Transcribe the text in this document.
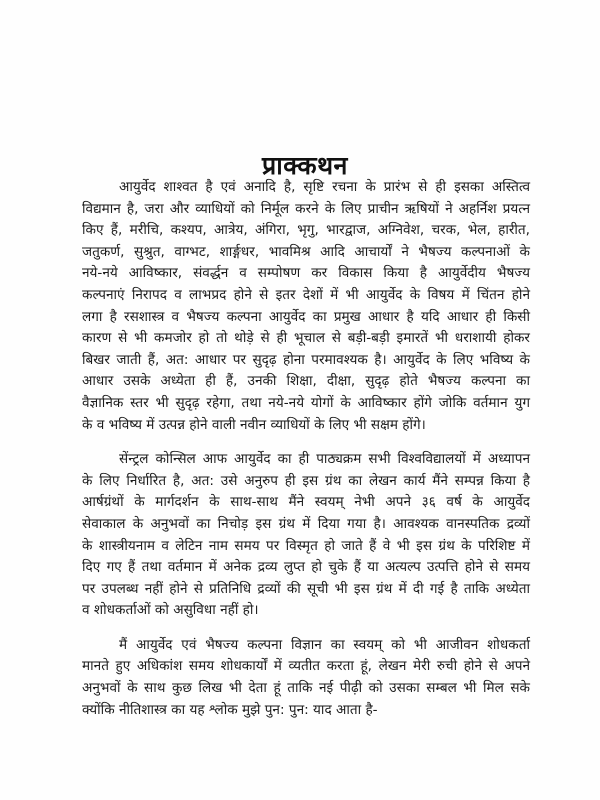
प्राक्कथन

आयुर्वेद शाश्वत है एवं अनादि है, सृष्टि रचना के प्रारंभ से ही इसका अस्तित्व
विद्यमान है, जरा और व्याधियों को निर्मूल करने के लिए प्राचीन ऋषियों ने अहर्निश प्रयत्न
किए हैं, मरीचि, कश्यप, आत्रेय, अंगिरा, भृगु, भारद्वाज, अग्निवेश, चरक, भेल, हारीत,
जतुकर्ण, सुश्रुत, वाग्भट, शार्ङ्गधर, भावमिश्र आदि आचार्यों ने भैषज्य कल्पनाओं के
नये-नये आविष्कार, संवर्द्धन व सम्पोषण कर विकास किया है आयुर्वेदीय भैषज्य
कल्पनाएं निरापद व लाभप्रद होने से इतर देशों में भी आयुर्वेद के विषय में चिंतन होने
लगा है रसशास्त्र व भैषज्य कल्पना आयुर्वेद का प्रमुख आधार है यदि आधार ही किसी
कारण से भी कमजोर हो तो थोड़े से ही भूचाल से बड़ी-बड़ी इमारतें भी धराशायी होकर
बिखर जाती हैं, अत: आधार पर सुदृढ़ होना परमावश्यक है। आयुर्वेद के लिए भविष्य के
आधार उसके अध्येता ही हैं, उनकी शिक्षा, दीक्षा, सुदृढ़ होते भैषज्य कल्पना का
वैज्ञानिक स्तर भी सुदृढ़ रहेगा, तथा नये-नये योगों के आविष्कार होंगे जोकि वर्तमान युग
के व भविष्य में उत्पन्न होने वाली नवीन व्याधियों के लिए भी सक्षम होंगे।

सेंन्ट्रल कोन्सिल आफ आयुर्वेद का ही पाठ्यक्रम सभी विश्वविद्यालयों में अध्यापन
के लिए निर्धारित है, अत: उसे अनुरुप ही इस ग्रंथ का लेखन कार्य मैंने सम्पन्न किया है
आर्षग्रंथों के मार्गदर्शन के साथ-साथ मैंने स्वयम् नेभी अपने ३६ वर्ष के आयुर्वेद
सेवाकाल के अनुभवों का निचोड़ इस ग्रंथ में दिया गया है। आवश्यक वानस्पतिक द्रव्यों
के शास्त्रीयनाम व लेटिन नाम समय पर विस्मृत हो जाते हैं वे भी इस ग्रंथ के परिशिष्ट में
दिए गए हैं तथा वर्तमान में अनेक द्रव्य लुप्त हो चुके हैं या अत्यल्प उत्पत्ति होने से समय
पर उपलब्ध नहीं होने से प्रतिनिधि द्रव्यों की सूची भी इस ग्रंथ में दी गई है ताकि अध्येता
व शोधकर्ताओं को असुविधा नहीं हो।

मैं आयुर्वेद एवं भैषज्य कल्पना विज्ञान का स्वयम् को भी आजीवन शोधकर्ता
मानते हुए अधिकांश समय शोधकार्यों में व्यतीत करता हूं, लेखन मेरी रुची होने से अपने
अनुभवों के साथ कुछ लिख भी देता हूं ताकि नई पीढ़ी को उसका सम्बल भी मिल सके
क्योंकि नीतिशास्त्र का यह श्लोक मुझे पुन: पुन: याद आता है-
